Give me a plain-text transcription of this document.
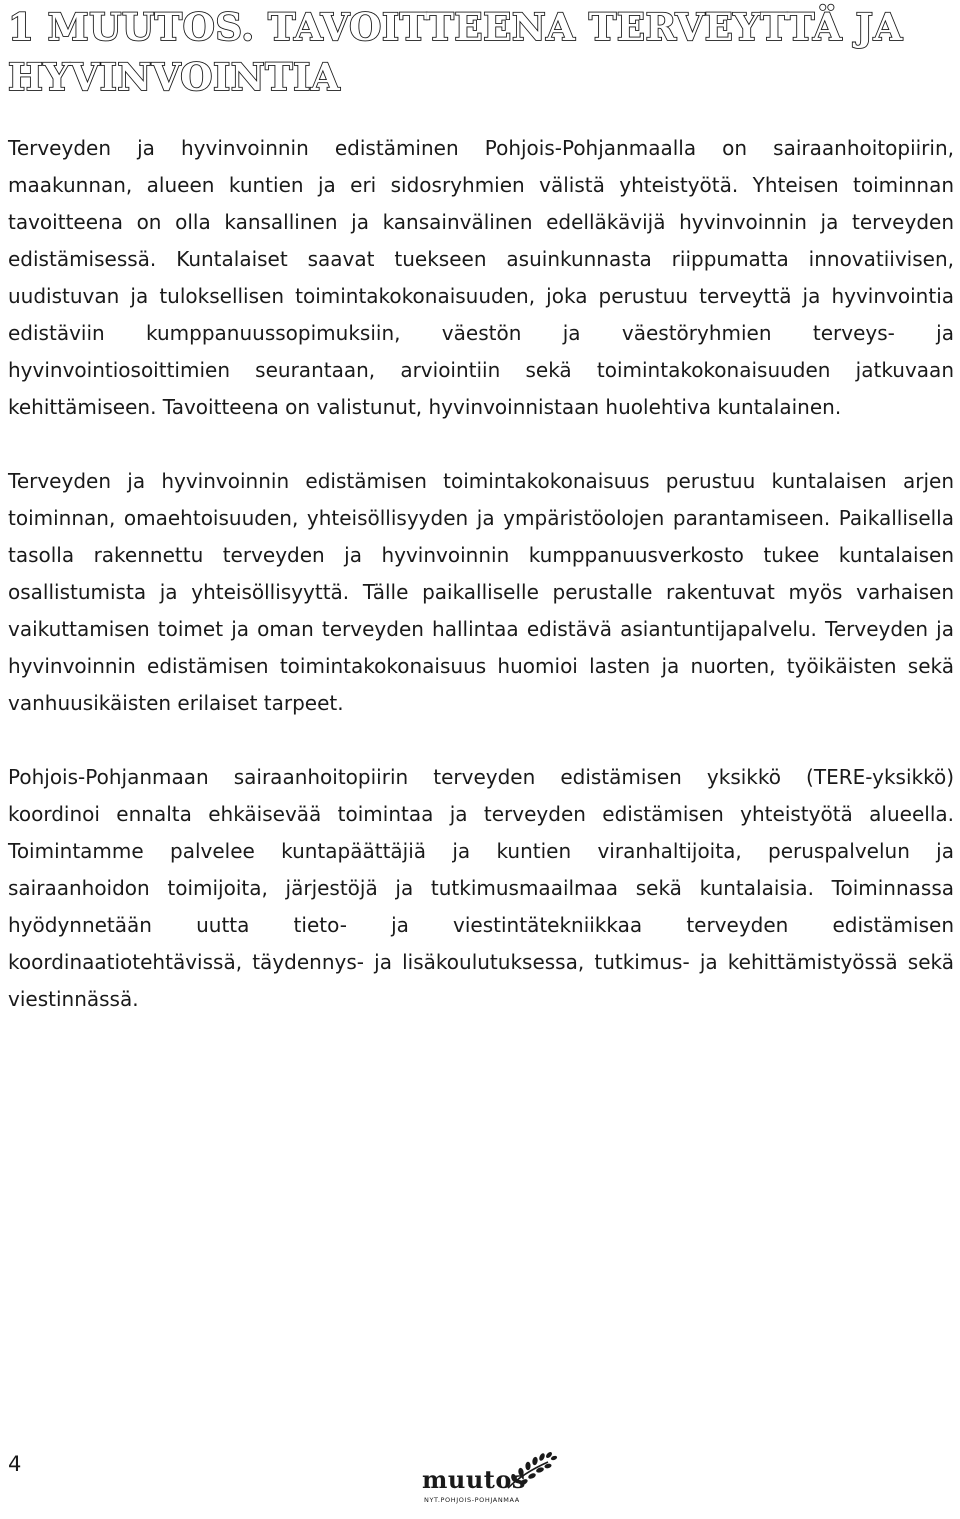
1 MUUTOS. TAVOITTEENA TERVEYTTÄ JA HYVINVOINTIA

Terveyden ja hyvinvoinnin edistäminen Pohjois-Pohjanmaalla on sairaanhoitopiirin, maakunnan, alueen kuntien ja eri sidosryhmien välistä yhteistyötä. Yhteisen toiminnan tavoitteena on olla kansallinen ja kansainvälinen edelläkävijä hyvinvoinnin ja terveyden edistämisessä. Kuntalaiset saavat tuekseen asuinkunnasta riippumatta innovatiivisen, uudistuvan ja tuloksellisen toimintakokonaisuuden, joka perustuu terveyttä ja hyvinvointia edistäviin kumppanuussopimuksiin, väestön ja väestöryhmien terveys- ja hyvinvointiosoittimien seurantaan, arviointiin sekä toimintakokonaisuuden jatkuvaan kehittämiseen. Tavoitteena on valistunut, hyvinvoinnistaan huolehtiva kuntalainen.

Terveyden ja hyvinvoinnin edistämisen toimintakokonaisuus perustuu kuntalaisen arjen toiminnan, omaehtoisuuden, yhteisöllisyyden ja ympäristöolojen parantamiseen. Paikallisella tasolla rakennettu terveyden ja hyvinvoinnin kumppanuusverkosto tukee kuntalaisen osallistumista ja yhteisöllisyyttä. Tälle paikalliselle perustalle rakentuvat myös varhaisen vaikuttamisen toimet ja oman terveyden hallintaa edistävä asiantuntijapalvelu. Terveyden ja hyvinvoinnin edistämisen toimintakokonaisuus huomioi lasten ja nuorten, työikäisten sekä vanhuusikäisten erilaiset tarpeet.

Pohjois-Pohjanmaan sairaanhoitopiirin terveyden edistämisen yksikkö (TERE-yksikkö) koordinoi ennalta ehkäisevää toimintaa ja terveyden edistämisen yhteistyötä alueella. Toimintamme palvelee kuntapäättäjiä ja kuntien viranhaltijoita, peruspalvelun ja sairaanhoidon toimijoita, järjestöjä ja tutkimusmaailmaa sekä kuntalaisia. Toiminnassa hyödynnetään uutta tieto- ja viestintätekniikkaa terveyden edistämisen koordinaatiotehtävissä, täydennys- ja lisäkoulutuksessa, tutkimus- ja kehittämistyössä sekä viestinnässä.

4
muutos
NYT.POHJOIS-POHJANMAA
